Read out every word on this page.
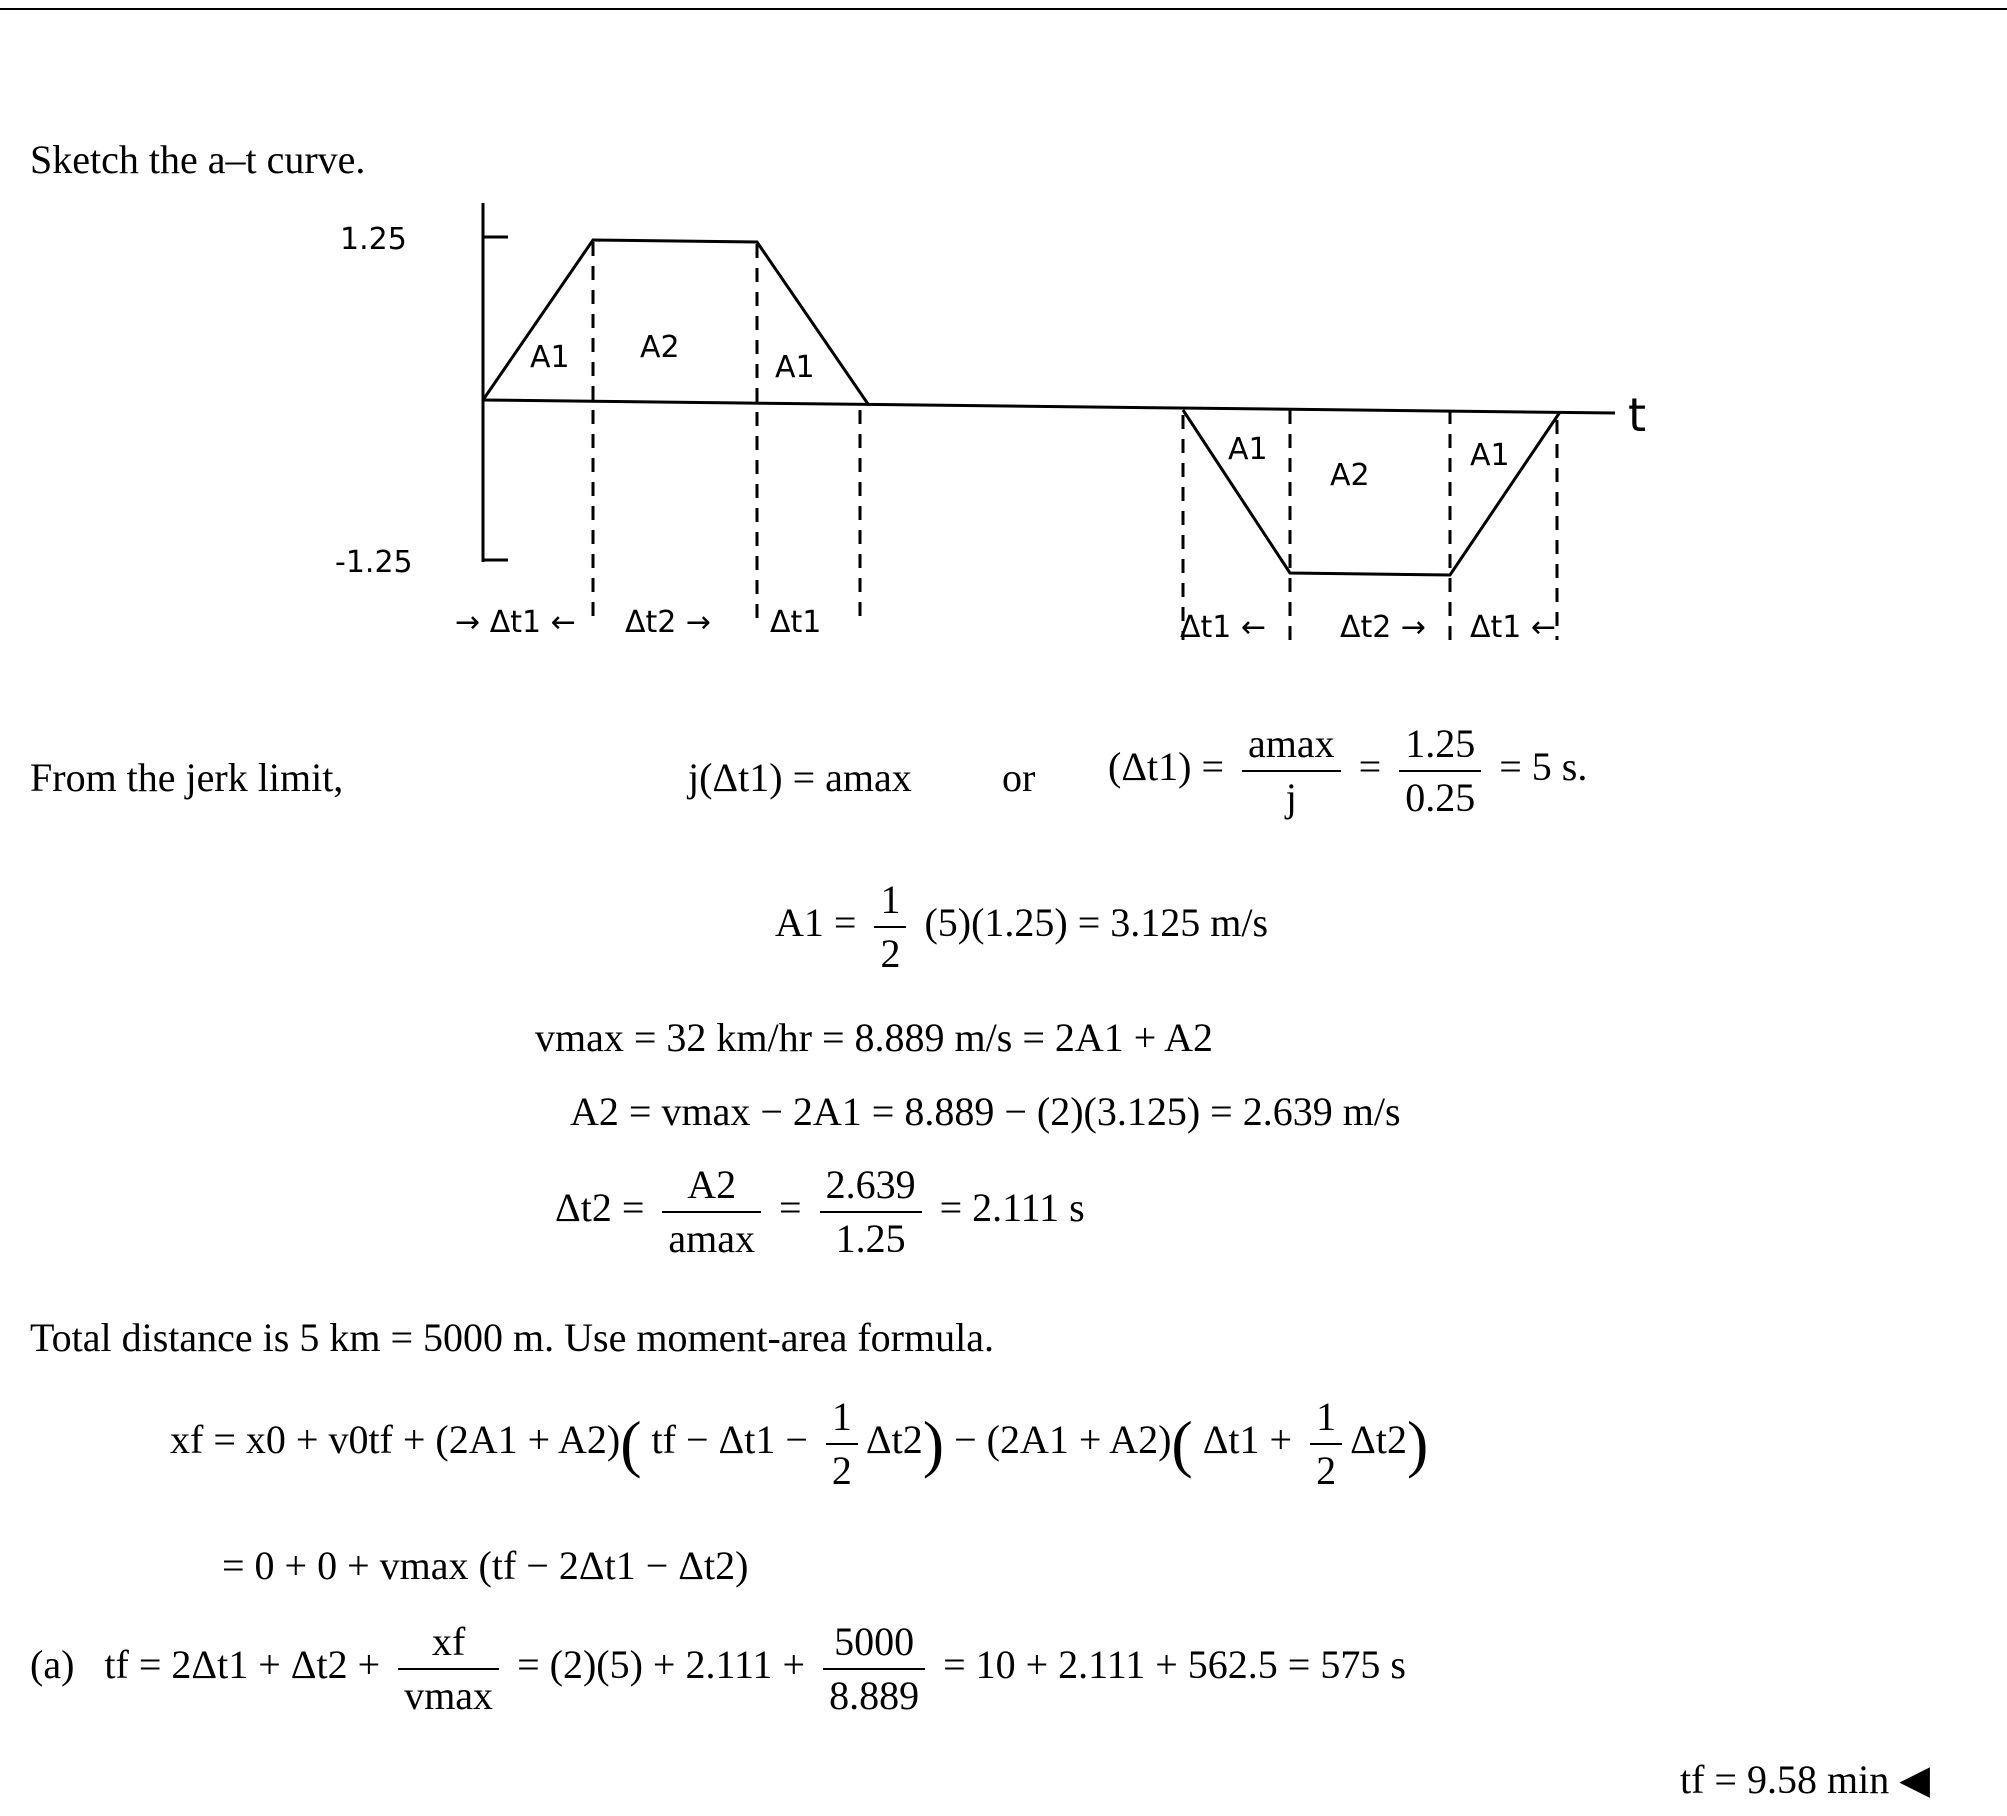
Sketch the a–t curve.
1.25
-1.25
t
A1 A2
A1
A1
A2
A1
→ Δt1 ← Δt2 → Δt1	Δt1 ← Δt2 → Δt1 ←
From the jerk limit,	j(Δt1) = amax or $(\Delta t1) = \frac{amax}{j} = \frac{1.25}{0.25} = 5$ s.
$A1 = \frac{1}{2} (5)(1.25) = 3.125$ m/s
vmax = 32 km/hr = 8.889 m/s = 2A1 + A2
A2 = vmax − 2A1 = 8.889 − (2)(3.125) = 2.639 m/s
$\Delta t2 = \frac{A2}{amax} = \frac{2.639}{1.25} = 2.111$ s
Total distance is 5 km = 5000 m. Use moment-area formula.
xf = x0 + v0tf + (2A1 + A2)( tf − $\Delta t1 - \frac{1}{2} \Delta t2) - (2A1 + A2)$( $\Delta t1 + \frac{1}{2} \Delta t2$)
= 0 + 0 + vmax (tf − 2Δt1 − Δt2)
(a) tf = $2\Delta t1 + \Delta t2 + \frac{xf}{vmax} = (2)(5) + 2.111 + \frac{5000}{8.889} = 10 + 2.111 + 562.5 = 575$ s
tf = 9.58 min ◀
